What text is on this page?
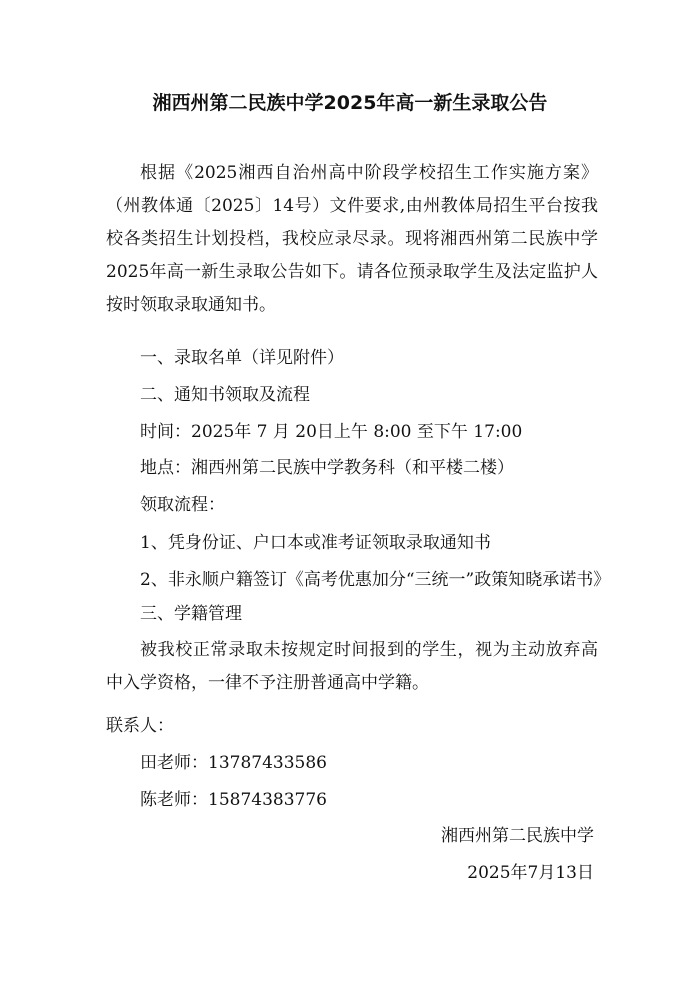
湘西州第二民族中学2025年高一新生录取公告
根据《2025湘西自治州高中阶段学校招生工作实施方案》（州教体通〔2025〕14号）文件要求,由州教体局招生平台按我校各类招生计划投档，我校应录尽录。现将湘西州第二民族中学2025年高一新生录取公告如下。请各位预录取学生及法定监护人按时领取录取通知书。
一、录取名单（详见附件）
二、通知书领取及流程
时间：2025年 7 月 20日上午 8:00 至下午 17:00
地点：湘西州第二民族中学教务科（和平楼二楼）
领取流程：
1、凭身份证、户口本或准考证领取录取通知书
2、非永顺户籍签订《高考优惠加分“三统一”政策知晓承诺书》
三、学籍管理
被我校正常录取未按规定时间报到的学生，视为主动放弃高中入学资格，一律不予注册普通高中学籍。
联系人：
田老师：13787433586
陈老师：15874383776
湘西州第二民族中学
2025年7月13日
